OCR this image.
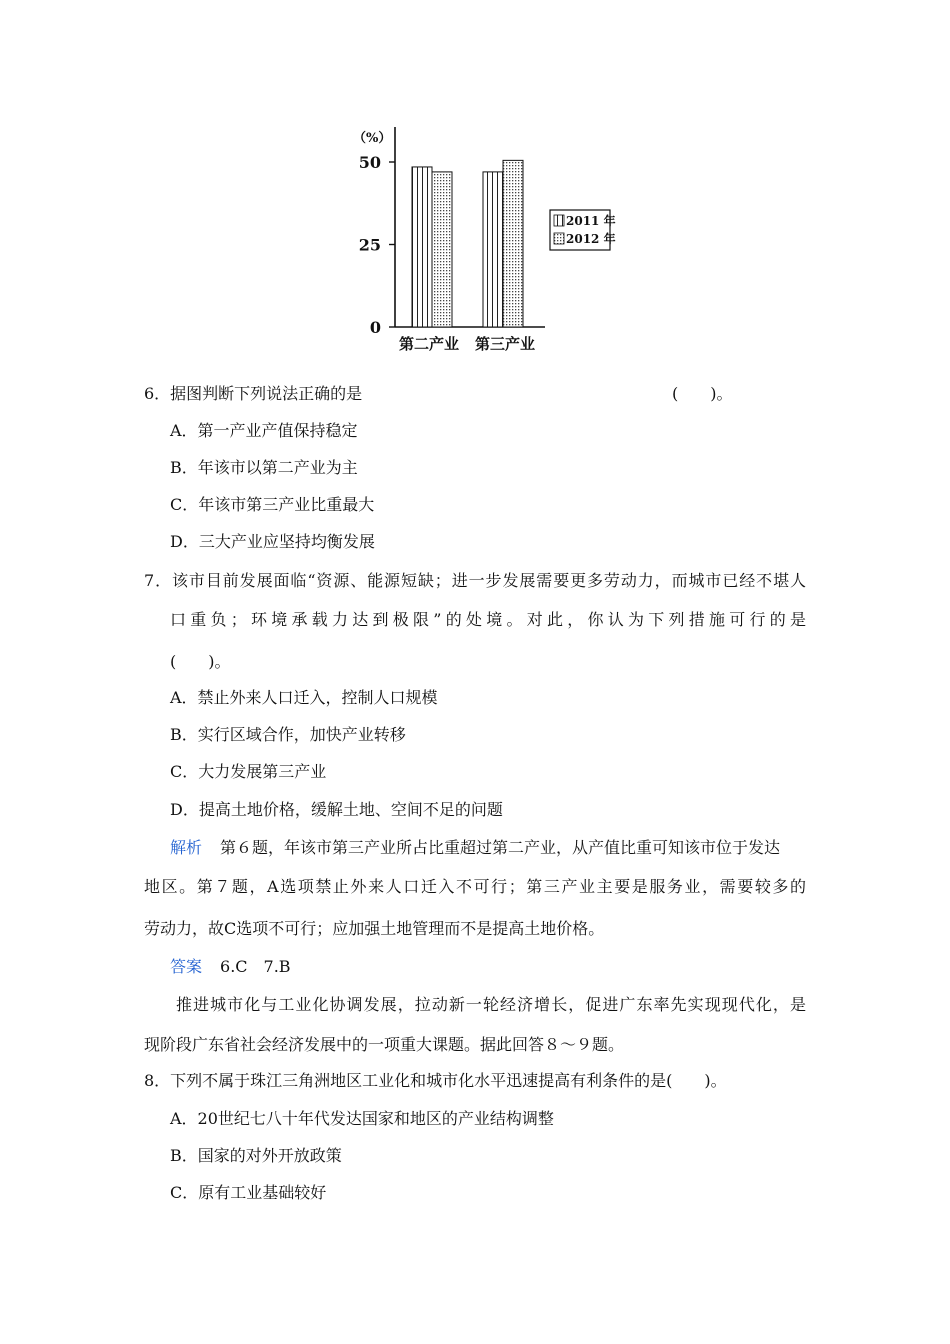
（%）
0
25
50
第二产业 第三产业
2011 年
2012 年
6．据图判断下列说法正确的是	(　　)。
A．第一产业产值保持稳定
B．年该市以第二产业为主
C．年该市第三产业比重最大
D．三大产业应坚持均衡发展
7．该市目前发展面临“资源、能源短缺；进一步发展需要更多劳动力，而城市已经不堪人
口重负；环境承载力达到极限”的处境。对此，你认为下列措施可行的是
(　　)。
A．禁止外来人口迁入，控制人口规模
B．实行区域合作，加快产业转移
C．大力发展第三产业
D．提高土地价格，缓解土地、空间不足的问题
解析 第６题，年该市第三产业所占比重超过第二产业，从产值比重可知该市位于发达
地区。第７题，A选项禁止外来人口迁入不可行；第三产业主要是服务业，需要较多的
劳动力，故C选项不可行；应加强土地管理而不是提高土地价格。
答案 6.C　7.B
推进城市化与工业化协调发展，拉动新一轮经济增长，促进广东率先实现现代化，是
现阶段广东省社会经济发展中的一项重大课题。据此回答８～９题。
8．下列不属于珠江三角洲地区工业化和城市化水平迅速提高有利条件的是(　　)。
A．20世纪七八十年代发达国家和地区的产业结构调整
B．国家的对外开放政策
C．原有工业基础较好
